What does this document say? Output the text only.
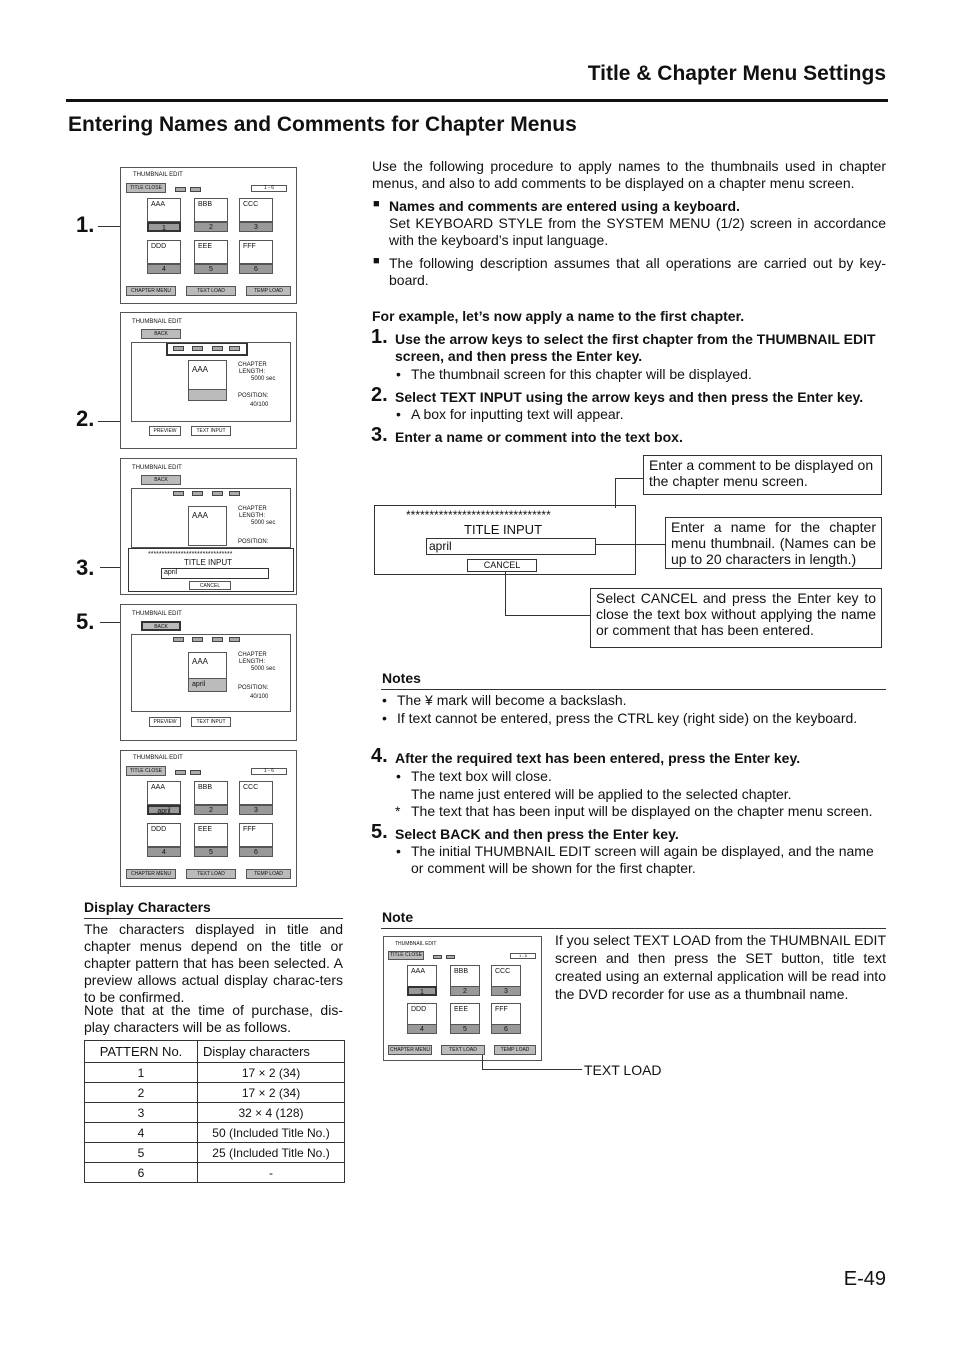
Title & Chapter Menu Settings
Entering Names and Comments for Chapter Menus
1.
2.
3.
5.
THUMBNAIL EDIT
TITLE CLOSE	1 - 6
AAA
1
BBB
2
CCC
3
DDD
4
EEE
5
FFF
6
CHAPTER MENU	TEXT LOAD	TEMP LOAD
THUMBNAIL EDIT
BACK
AAA	CHAPTER
LENGTH:
5000 sec
POSITION:
40/100
PREVIEW	TEXT INPUT
THUMBNAIL EDIT
BACK
AAA
CHAPTER
LENGTH:
5000 sec
POSITION:
*******************************
TITLE INPUT
april
CANCEL
THUMBNAIL EDIT
BACK
AAA
april
CHAPTER
LENGTH:
5000 sec
POSITION:
40/100
PREVIEW	TEXT INPUT
THUMBNAIL EDIT
TITLE CLOSE	1 - 6
AAA
april
BBB
2
CCC
3
DDD
4
EEE
5
FFF
6
CHAPTER MENU	TEXT LOAD	TEMP LOAD
Display Characters
The characters displayed in title and chapter menus depend on the title or chapter pattern that has been selected. A preview allows actual display charac-ters to be confirmed.
Note that at the time of purchase, dis-play characters will be as follows.
PATTERN No.	Display characters
1	17 × 2 (34)
2	17 × 2 (34)
3	32 × 4 (128)
4	50 (Included Title No.)
5	25 (Included Title No.)
6	-
Use the following procedure to apply names to the thumbnails used in chapter menus, and also to add comments to be displayed on a chapter menu screen.
■ Names and comments are entered using a keyboard.
Set KEYBOARD STYLE from the SYSTEM MENU (1/2) screen in accordance with the keyboard’s input language.
■ The following description assumes that all operations are carried out by key-board.
For example, let’s now apply a name to the first chapter.
1. Use the arrow keys to select the first chapter from the THUMBNAIL EDIT screen, and then press the Enter key.
• The thumbnail screen for this chapter will be displayed.
2. Select TEXT INPUT using the arrow keys and then press the Enter key.
• A box for inputting text will appear.
3. Enter a name or comment into the text box.
*******************************
TITLE INPUT
april
CANCEL
Enter a comment to be displayed on the chapter menu screen.
Enter a name for the chapter menu thumbnail. (Names can be up to 20 characters in length.)
Select CANCEL and press the Enter key to close the text box without applying the name or comment that has been entered.
Notes
• The ¥ mark will become a backslash.
• If text cannot be entered, press the CTRL key (right side) on the keyboard.
4. After the required text has been entered, press the Enter key.
• The text box will close.
The name just entered will be applied to the selected chapter.
* The text that has been input will be displayed on the chapter menu screen.
5. Select BACK and then press the Enter key.
• The initial THUMBNAIL EDIT screen will again be displayed, and the name or comment will be shown for the first chapter.
Note
If you select TEXT LOAD from the THUMBNAIL EDIT screen and then press the SET button, title text created using an external application will be read into the DVD recorder for use as a thumbnail name.
THUMBNAIL EDIT
TITLE CLOSE	1 - 6
AAA
1
BBB
2
CCC
3
DDD
4
EEE
5
FFF
6
CHAPTER MENU	TEXT LOAD	TEMP LOAD
TEXT LOAD
E-49
